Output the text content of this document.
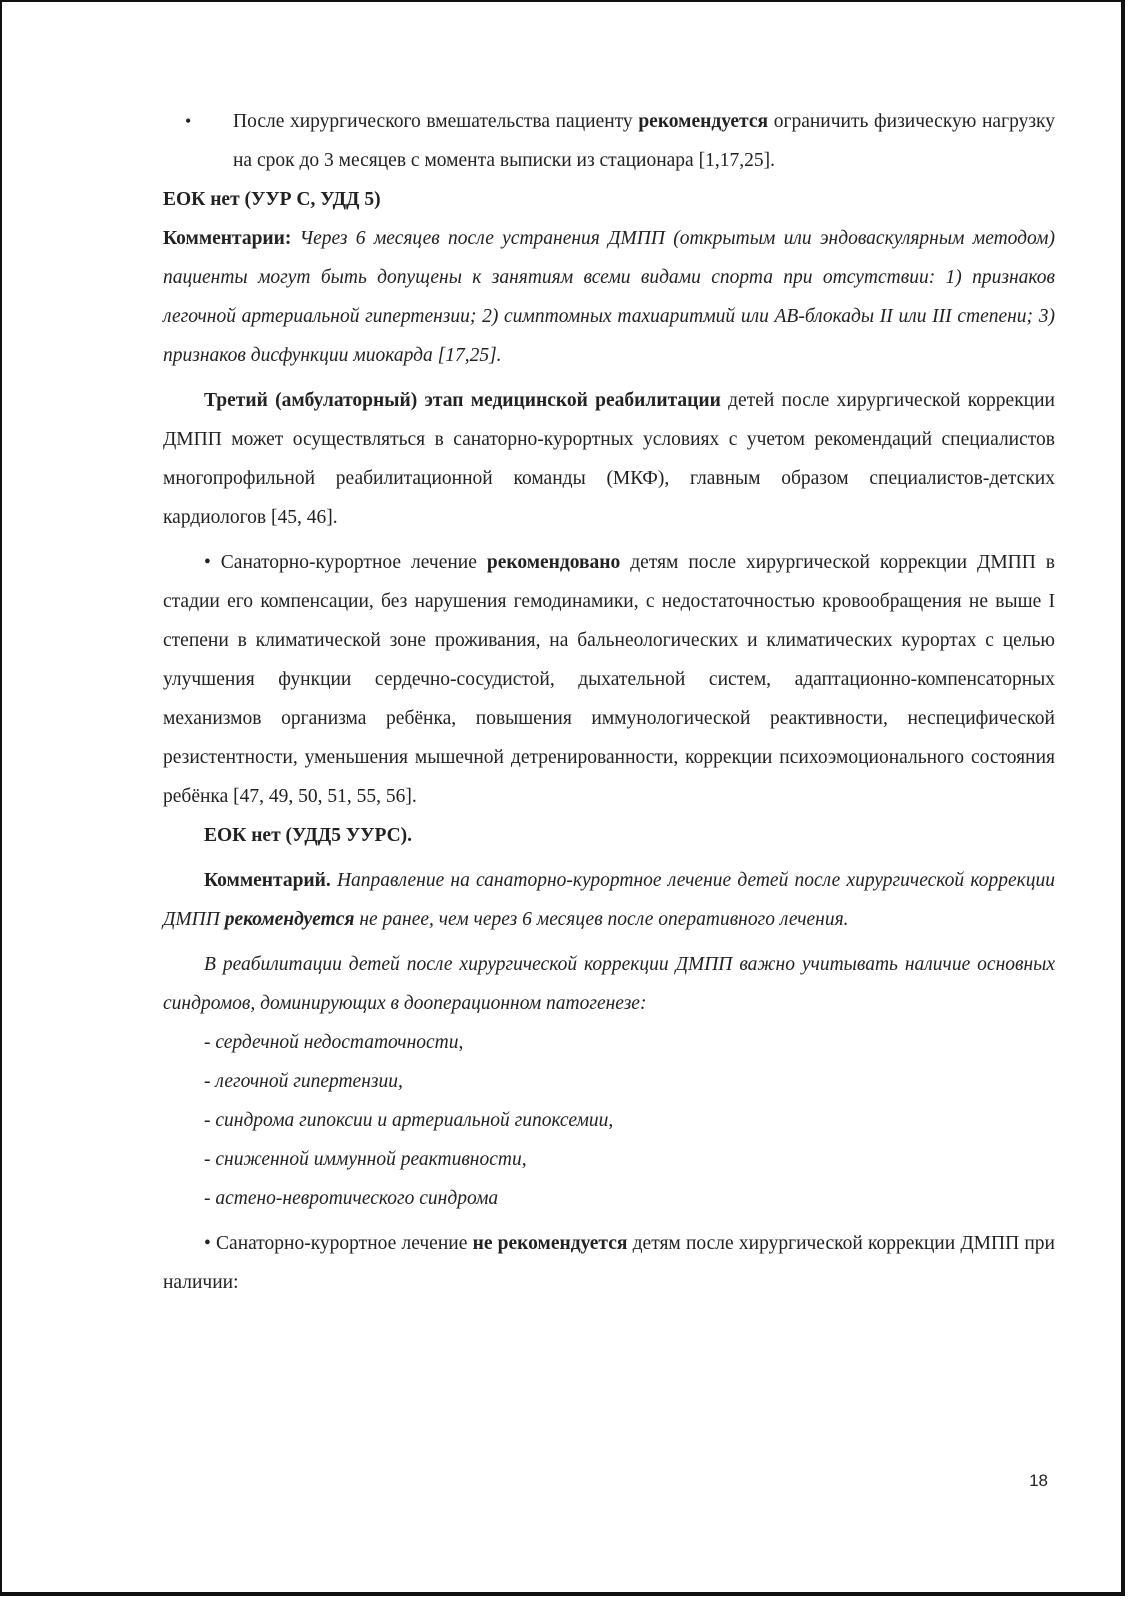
• После хирургического вмешательства пациенту рекомендуется ограничить физическую нагрузку на срок до 3 месяцев с момента выписки из стационара [1,17,25].

ЕОК нет (УУР С, УДД 5)

Комментарии: Через 6 месяцев после устранения ДМПП (открытым или эндоваскулярным методом) пациенты могут быть допущены к занятиям всеми видами спорта при отсутствии: 1) признаков легочной артериальной гипертензии; 2) симптомных тахиаритмий или АВ-блокады II или III степени; 3) признаков дисфункции миокарда [17,25].

Третий (амбулаторный) этап медицинской реабилитации детей после хирургической коррекции ДМПП может осуществляться в санаторно-курортных условиях с учетом рекомендаций специалистов многопрофильной реабилитационной команды (МКФ), главным образом специалистов-детских кардиологов [45, 46].

• Санаторно-курортное лечение рекомендовано детям после хирургической коррекции ДМПП в стадии его компенсации, без нарушения гемодинамики, с недостаточностью кровообращения не выше I степени в климатической зоне проживания, на бальнеологических и климатических курортах с целью улучшения функции сердечно-сосудистой, дыхательной систем, адаптационно-компенсаторных механизмов организма ребёнка, повышения иммунологической реактивности, неспецифической резистентности, уменьшения мышечной детренированности, коррекции психоэмоционального состояния ребёнка [47, 49, 50, 51, 55, 56].

ЕОК нет (УДД5 УУРС).

Комментарий. Направление на санаторно-курортное лечение детей после хирургической коррекции ДМПП рекомендуется не ранее, чем через 6 месяцев после оперативного лечения.

В реабилитации детей после хирургической коррекции ДМПП важно учитывать наличие основных синдромов, доминирующих в дооперационном патогенезе:

- сердечной недостаточности,

- легочной гипертензии,

- синдрома гипоксии и артериальной гипоксемии,

- сниженной иммунной реактивности,

- астено-невротического синдрома

• Санаторно-курортное лечение не рекомендуется детям после хирургической коррекции ДМПП при наличии:

18
